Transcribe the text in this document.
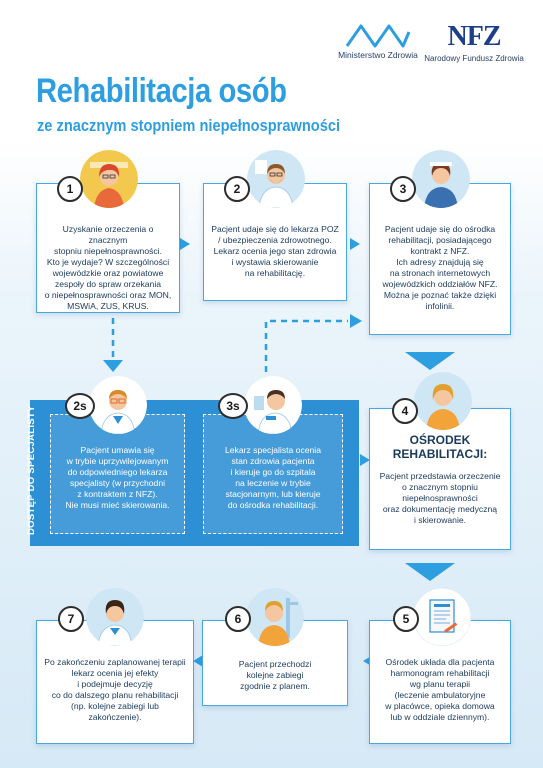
Ministerstwo Zdrowia
NFZ
Narodowy Fundusz Zdrowia
Rehabilitacja osób
ze znacznym stopniem niepełnosprawności
DOSTĘP DO SPECJALISTY
Uzyskanie orzeczenia o znacznym
stopniu niepełnosprawności.
Kto je wydaje? W szczególności
wojewódzkie oraz powiatowe
zespoły do spraw orzekania
o niepełnosprawności oraz MON,
MSWiA, ZUS, KRUS.
1
Pacjent udaje się do lekarza POZ
/ ubezpieczenia zdrowotnego.
Lekarz ocenia jego stan zdrowia
i wystawia skierowanie
na rehabilitację.
2
Pacjent udaje się do ośrodka
rehabilitacji, posiadającego
kontrakt z NFZ.
Ich adresy znajdują się
na stronach internetowych
wojewódzkich oddziałów NFZ.
Można je poznać także dzięki
infolinii.
3
Pacjent umawia się
w trybie uprzywilejowanym
do odpowiedniego lekarza
specjalisty (w przychodni
z kontraktem z NFZ).
Nie musi mieć skierowania.
2s
Lekarz specjalista ocenia
stan zdrowia pacjenta
i kieruje go do szpitala
na leczenie w trybie
stacjonarnym, lub kieruje
do ośrodka rehabilitacji.
3s
OŚRODEK
REHABILITACJI:
Pacjent przedstawia orzeczenie
o znacznym stopniu
niepełnosprawności
oraz dokumentację medyczną
i skierowanie.
4
Ośrodek układa dla pacjenta
harmonogram rehabilitacji
wg planu terapii
(leczenie ambulatoryjne
w placówce, opieka domowa
lub w oddziale dziennym).
5
Pacjent przechodzi
kolejne zabiegi
zgodnie z planem.
6
Po zakończeniu zaplanowanej terapii
lekarz ocenia jej efekty
i podejmuje decyzję
co do dalszego planu rehabilitacji
(np. kolejne zabiegi lub
zakończenie).
7
